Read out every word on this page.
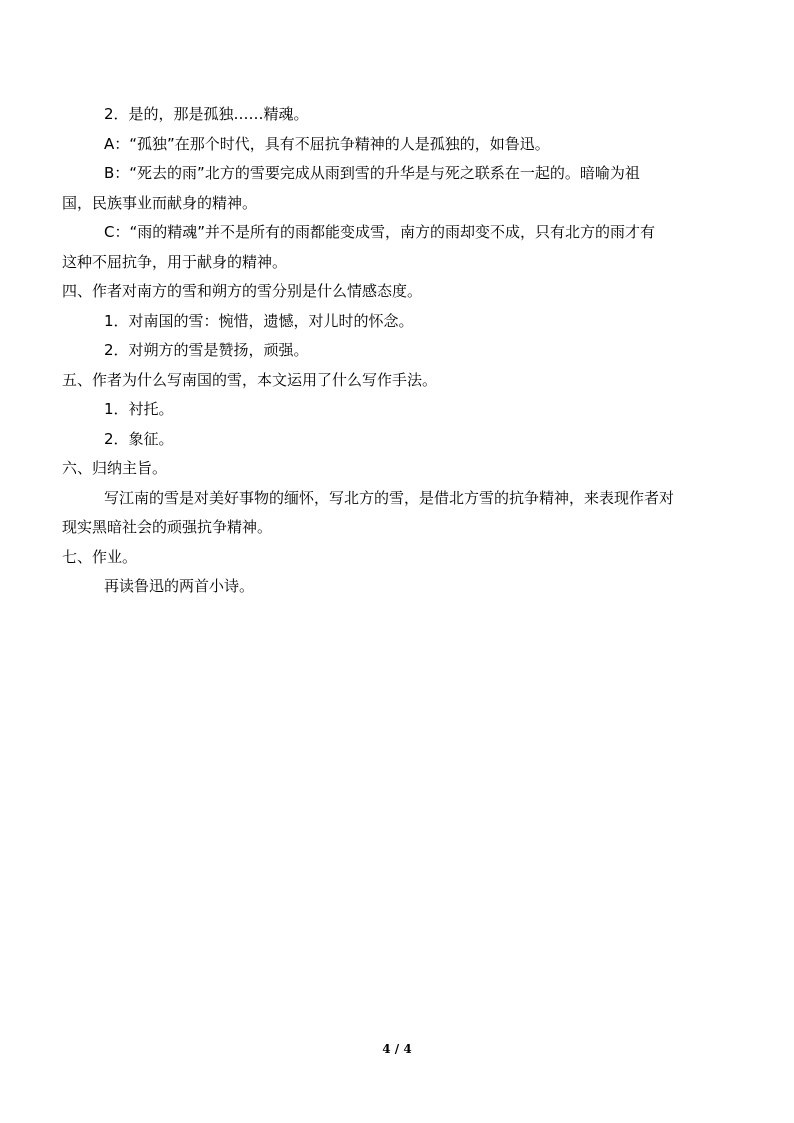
2．是的，那是孤独……精魂。
A：“孤独”在那个时代，具有不屈抗争精神的人是孤独的，如鲁迅。
B：“死去的雨”北方的雪要完成从雨到雪的升华是与死之联系在一起的。暗喻为祖
国，民族事业而献身的精神。
C：“雨的精魂”并不是所有的雨都能变成雪，南方的雨却变不成，只有北方的雨才有
这种不屈抗争，用于献身的精神。
四、作者对南方的雪和朔方的雪分别是什么情感态度。
1．对南国的雪：惋惜，遗憾，对儿时的怀念。
2．对朔方的雪是赞扬，顽强。
五、作者为什么写南国的雪，本文运用了什么写作手法。
1．衬托。
2．象征。
六、归纳主旨。
写江南的雪是对美好事物的缅怀，写北方的雪，是借北方雪的抗争精神，来表现作者对
现实黑暗社会的顽强抗争精神。
七、作业。
再读鲁迅的两首小诗。
4 / 4
